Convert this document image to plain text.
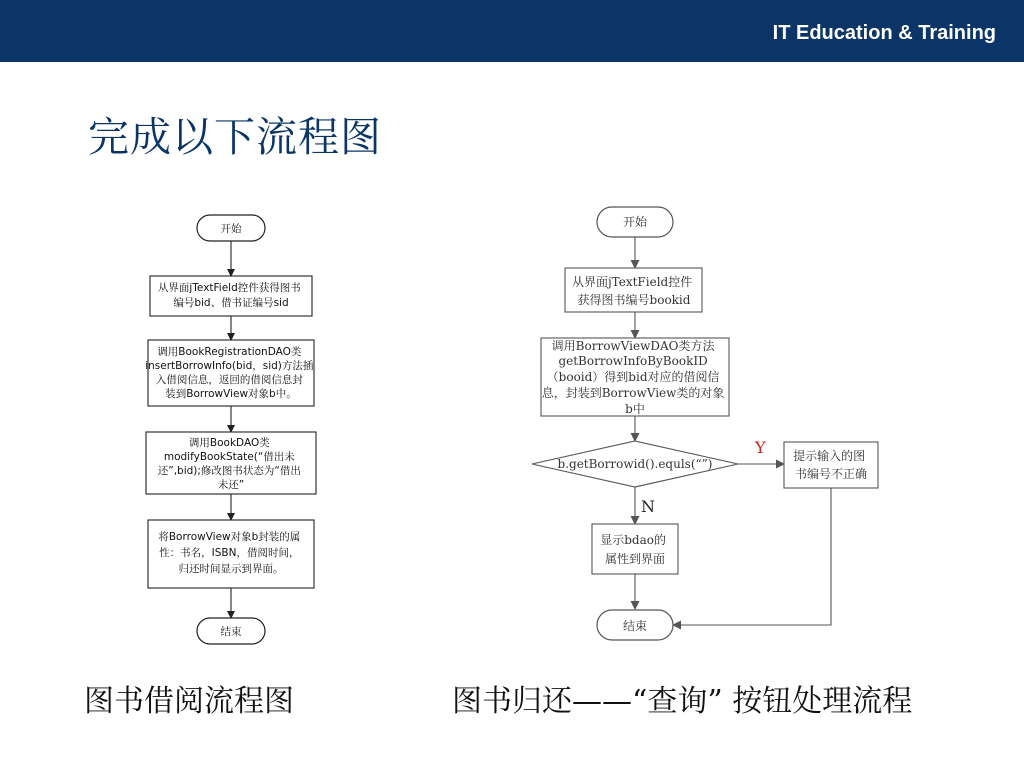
IT Education & Training
完成以下流程图
开始
从界面jTextField控件获得图书 编号bid、借书证编号sid
调用BookRegistrationDAO类 insertBorrowInfo(bid，sid)方法插 入借阅信息，返回的借阅信息封 装到BorrowView对象b中。
调用BookDAO类 modifyBookState(“借出未 还”,bid);修改图书状态为“借出 未还”
将BorrowView对象b封装的属 性：书名，ISBN，借阅时间， 归还时间显示到界面。
结束
开始
从界面jTextField控件 获得图书编号bookid
调用BorrowViewDAO类方法 getBorrowInfoByBookID （booid）得到bid对应的借阅信 息，封装到BorrowView类的对象 b中
b.getBorrowid().equls(“”)
Y 提示输入的图 书编号不正确
N
显示bdao的 属性到界面
结束
图书借阅流程图	图书归还——“查询” 按钮处理流程
